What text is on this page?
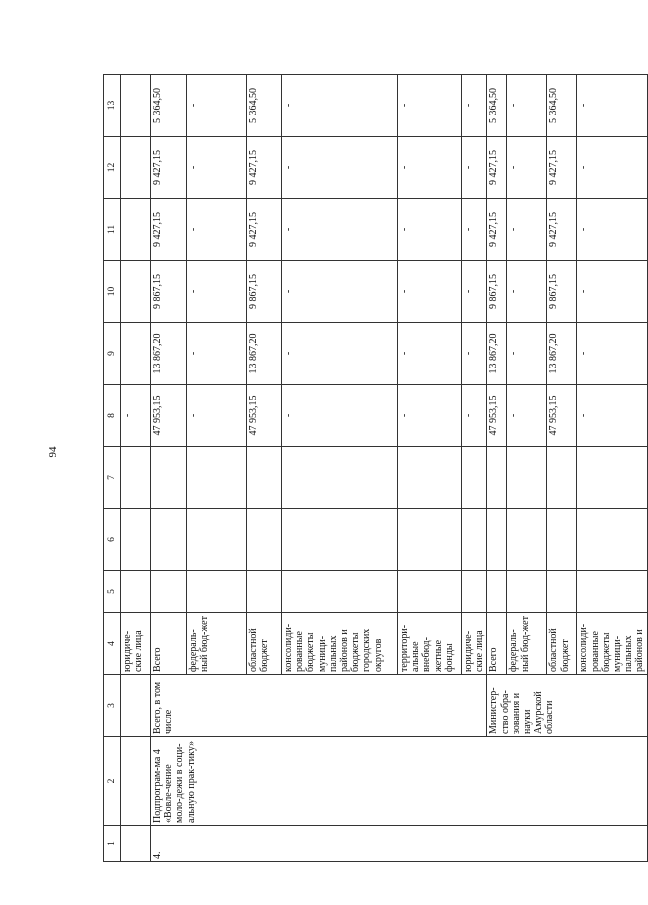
94
1	2	3	4	5	6	7	8	9	10	11	12	13
			юридиче-ские лица				-					
4.	Подпрограм-ма 4 «Вовле-чение моло-дежи в соци-альную прак-тику»	Всего, в том числе	Всего				47 953,15	13 867,20	9 867,15	9 427,15	9 427,15	5 364,50
			федераль-ный бюд-жет				-	-	-	-	-	-
			областной бюджет				47 953,15	13 867,20	9 867,15	9 427,15	9 427,15	5 364,50
			консолиди-рованные бюджеты муници-пальных районов и бюджеты городских округов				-	-	-	-	-	-
			территори-альные внебюд-жетные фонды				-	-	-	-	-	-
			юридиче-ские лица				-	-	-	-	-	-
		Министер-ство обра-зования и науки Амурской области	Всего				47 953,15	13 867,20	9 867,15	9 427,15	9 427,15	5 364,50
			федераль-ный бюд-жет				-	-	-	-	-	-
			областной бюджет				47 953,15	13 867,20	9 867,15	9 427,15	9 427,15	5 364,50
			консолиди-рованные бюджеты муници-пальных районов и				-	-	-	-	-	-
